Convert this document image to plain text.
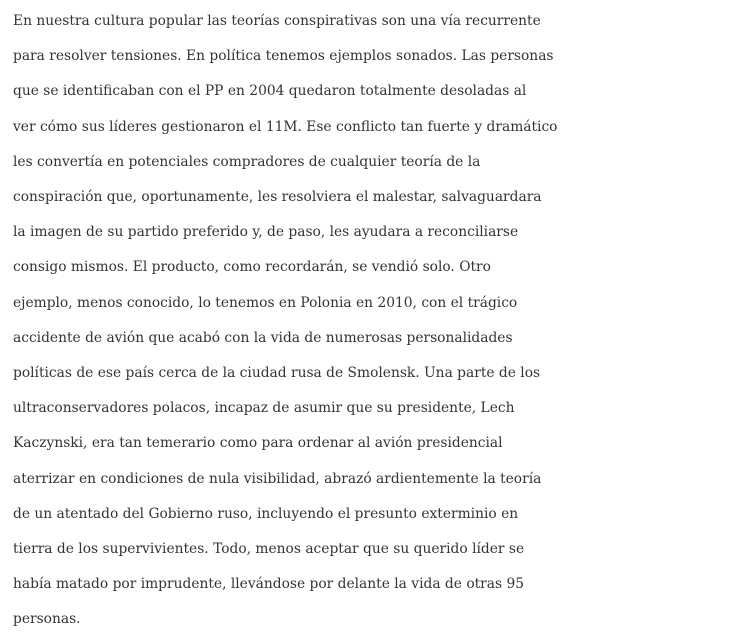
En nuestra cultura popular las teorías conspirativas son una vía recurrente
para resolver tensiones. En política tenemos ejemplos sonados. Las personas
que se identificaban con el PP en 2004 quedaron totalmente desoladas al
ver cómo sus líderes gestionaron el 11M. Ese conflicto tan fuerte y dramático
les convertía en potenciales compradores de cualquier teoría de la
conspiración que, oportunamente, les resolviera el malestar, salvaguardara
la imagen de su partido preferido y, de paso, les ayudara a reconciliarse
consigo mismos. El producto, como recordarán, se vendió solo. Otro
ejemplo, menos conocido, lo tenemos en Polonia en 2010, con el trágico
accidente de avión que acabó con la vida de numerosas personalidades
políticas de ese país cerca de la ciudad rusa de Smolensk. Una parte de los
ultraconservadores polacos, incapaz de asumir que su presidente, Lech
Kaczynski, era tan temerario como para ordenar al avión presidencial
aterrizar en condiciones de nula visibilidad, abrazó ardientemente la teoría
de un atentado del Gobierno ruso, incluyendo el presunto exterminio en
tierra de los supervivientes. Todo, menos aceptar que su querido líder se
había matado por imprudente, llevándose por delante la vida de otras 95
personas.
